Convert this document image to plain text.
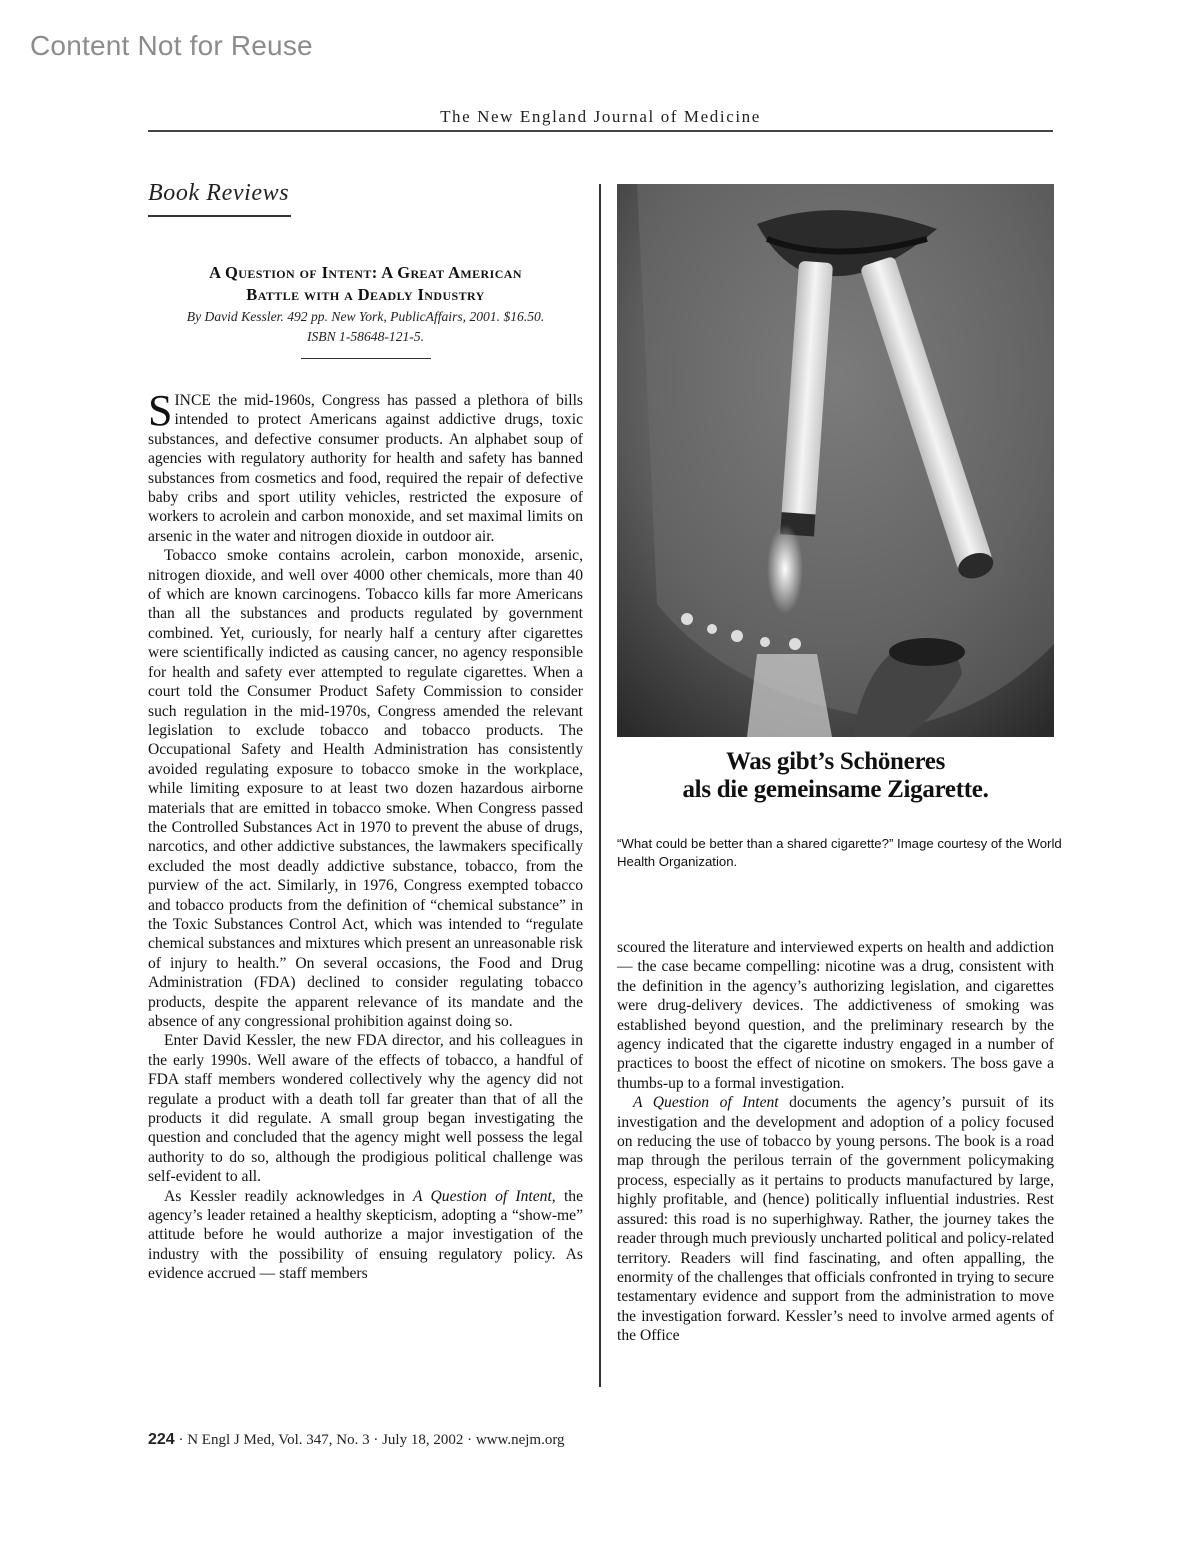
Content Not for Reuse
The New England Journal of Medicine
Book Reviews
A Question of Intent: A Great American
Battle with a Deadly Industry
By David Kessler. 492 pp. New York, PublicAffairs, 2001. $16.50.
ISBN 1-58648-121-5.

SINCE the mid-1960s, Congress has passed a plethora of bills intended to protect Americans against addictive drugs, toxic substances, and defective consumer products. An alphabet soup of agencies with regulatory authority for health and safety has banned substances from cosmetics and food, required the repair of defective baby cribs and sport utility vehicles, restricted the exposure of workers to acrolein and carbon monoxide, and set maximal limits on arsenic in the water and nitrogen dioxide in outdoor air.

Tobacco smoke contains acrolein, carbon monoxide, arsenic, nitrogen dioxide, and well over 4000 other chemicals, more than 40 of which are known carcinogens. Tobacco kills far more Americans than all the substances and products regulated by government combined. Yet, curiously, for nearly half a century after cigarettes were scientifically indicted as causing cancer, no agency responsible for health and safety ever attempted to regulate cigarettes. When a court told the Consumer Product Safety Commission to consider such regulation in the mid-1970s, Congress amended the relevant legislation to exclude tobacco and tobacco products. The Occupational Safety and Health Administration has consistently avoided regulating exposure to tobacco smoke in the workplace, while limiting exposure to at least two dozen hazardous airborne materials that are emitted in tobacco smoke. When Congress passed the Controlled Substances Act in 1970 to prevent the abuse of drugs, narcotics, and other addictive substances, the lawmakers specifically excluded the most deadly addictive substance, tobacco, from the purview of the act. Similarly, in 1976, Congress exempted tobacco and tobacco products from the definition of “chemical substance” in the Toxic Substances Control Act, which was intended to “regulate chemical substances and mixtures which present an unreasonable risk of injury to health.” On several occasions, the Food and Drug Administration (FDA) declined to consider regulating tobacco products, despite the apparent relevance of its mandate and the absence of any congressional prohibition against doing so.

Enter David Kessler, the new FDA director, and his colleagues in the early 1990s. Well aware of the effects of tobacco, a handful of FDA staff members wondered collectively why the agency did not regulate a product with a death toll far greater than that of all the products it did regulate. A small group began investigating the question and concluded that the agency might well possess the legal authority to do so, although the prodigious political challenge was self-evident to all.

As Kessler readily acknowledges in A Question of Intent, the agency’s leader retained a healthy skepticism, adopting a “show-me” attitude before he would authorize a major investigation of the industry with the possibility of ensuing regulatory policy. As evidence accrued — staff members

Was gibt’s Schöneres
als die gemeinsame Zigarette.
“What could be better than a shared cigarette?” Image courtesy of the World Health Organization.

scoured the literature and interviewed experts on health and addiction — the case became compelling: nicotine was a drug, consistent with the definition in the agency’s authorizing legislation, and cigarettes were drug-delivery devices. The addictiveness of smoking was established beyond question, and the preliminary research by the agency indicated that the cigarette industry engaged in a number of practices to boost the effect of nicotine on smokers. The boss gave a thumbs-up to a formal investigation.

A Question of Intent documents the agency’s pursuit of its investigation and the development and adoption of a policy focused on reducing the use of tobacco by young persons. The book is a road map through the perilous terrain of the government policymaking process, especially as it pertains to products manufactured by large, highly profitable, and (hence) politically influential industries. Rest assured: this road is no superhighway. Rather, the journey takes the reader through much previously uncharted political and policy-related territory. Readers will find fascinating, and often appalling, the enormity of the challenges that officials confronted in trying to secure testamentary evidence and support from the administration to move the investigation forward. Kessler’s need to involve armed agents of the Office

224 · N Engl J Med, Vol. 347, No. 3 · July 18, 2002 · www.nejm.org
